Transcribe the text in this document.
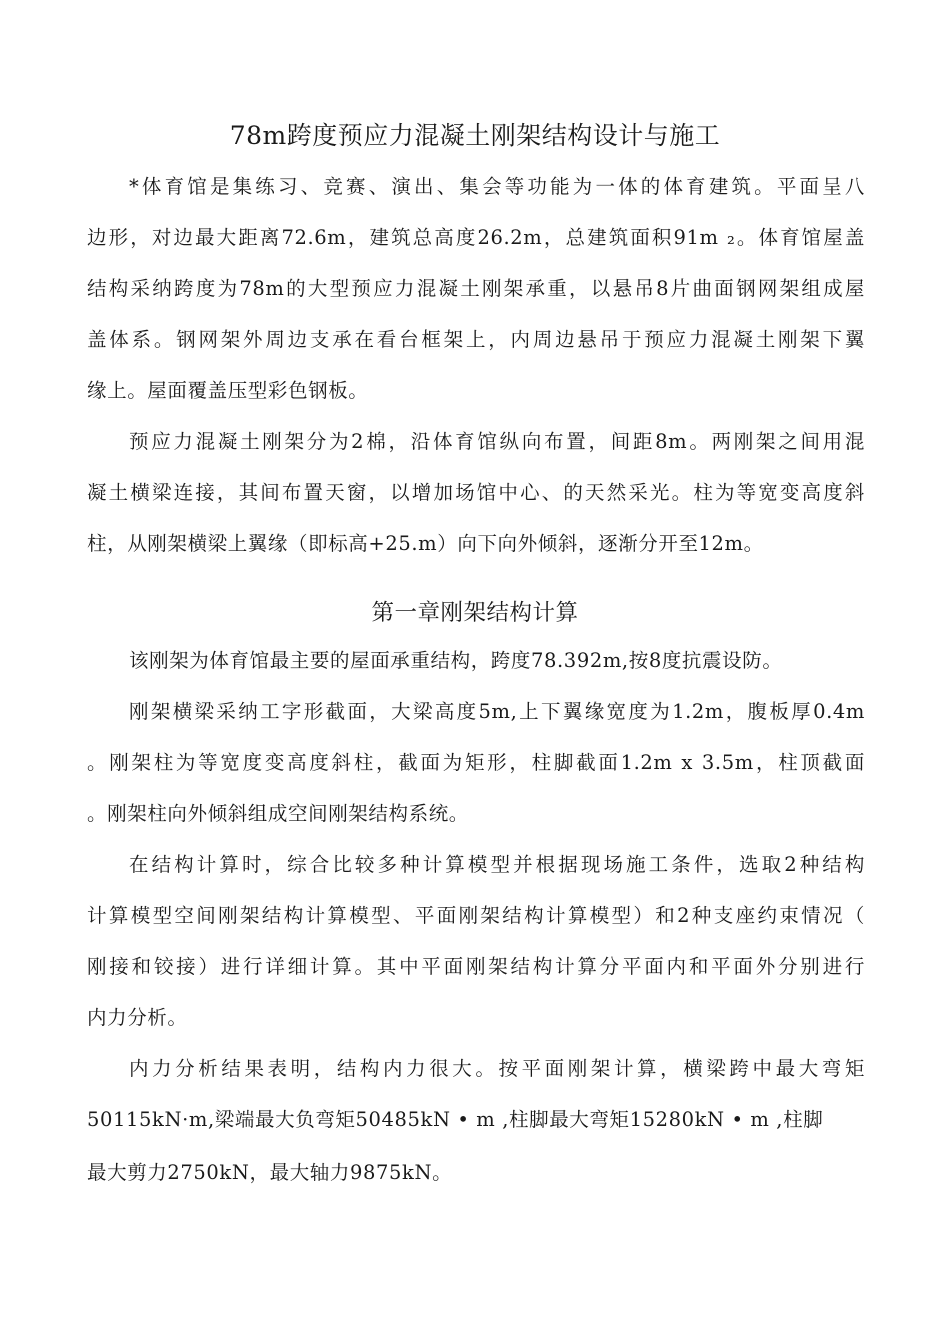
78m跨度预应力混凝土刚架结构设计与施工
*体育馆是集练习、竞赛、演出、集会等功能为一体的体育建筑。平面呈八
边形，对边最大距离72.6m，建筑总高度26.2m，总建筑面积91m ₂。体育馆屋盖
结构采纳跨度为78m的大型预应力混凝土刚架承重，以悬吊8片曲面钢网架组成屋
盖体系。钢网架外周边支承在看台框架上，内周边悬吊于预应力混凝土刚架下翼
缘上。屋面覆盖压型彩色钢板。
预应力混凝土刚架分为2棉，沿体育馆纵向布置，间距8m。两刚架之间用混
凝土横梁连接，其间布置天窗，以增加场馆中心、的天然采光。柱为等宽变高度斜
柱，从刚架横梁上翼缘（即标高+25.m）向下向外倾斜，逐渐分开至12m。
第一章刚架结构计算
该刚架为体育馆最主要的屋面承重结构，跨度78.392m,按8度抗震设防。
刚架横梁采纳工字形截面，大梁高度5m,上下翼缘宽度为1.2m，腹板厚0.4m
。刚架柱为等宽度变高度斜柱，截面为矩形，柱脚截面1.2m x 3.5m，柱顶截面
。刚架柱向外倾斜组成空间刚架结构系统。
在结构计算时，综合比较多种计算模型并根据现场施工条件，选取2种结构
计算模型空间刚架结构计算模型、平面刚架结构计算模型）和2种支座约束情况（
刚接和铰接）进行详细计算。其中平面刚架结构计算分平面内和平面外分别进行
内力分析。
内力分析结果表明，结构内力很大。按平面刚架计算，横梁跨中最大弯矩
50115kN·m,梁端最大负弯矩50485kN • m ,柱脚最大弯矩15280kN • m ,柱脚
最大剪力2750kN，最大轴力9875kN。
